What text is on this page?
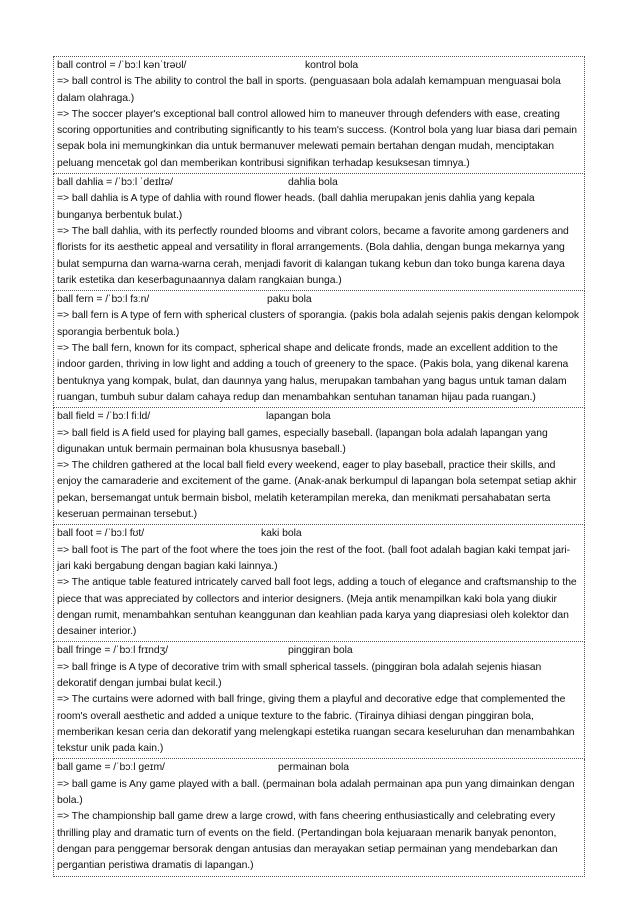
ball control = /ˈbɔːl kənˈtrəʊl/	kontrol bola
=> ball control is The ability to control the ball in sports. (penguasaan bola adalah kemampuan menguasai bola dalam olahraga.)
=> The soccer player's exceptional ball control allowed him to maneuver through defenders with ease, creating scoring opportunities and contributing significantly to his team's success. (Kontrol bola yang luar biasa dari pemain sepak bola ini memungkinkan dia untuk bermanuver melewati pemain bertahan dengan mudah, menciptakan peluang mencetak gol dan memberikan kontribusi signifikan terhadap kesuksesan timnya.)
ball dahlia = /ˈbɔːl ˈdeɪlɪə/	dahlia bola
=> ball dahlia is A type of dahlia with round flower heads. (ball dahlia merupakan jenis dahlia yang kepala bunganya berbentuk bulat.)
=> The ball dahlia, with its perfectly rounded blooms and vibrant colors, became a favorite among gardeners and florists for its aesthetic appeal and versatility in floral arrangements. (Bola dahlia, dengan bunga mekarnya yang bulat sempurna dan warna-warna cerah, menjadi favorit di kalangan tukang kebun dan toko bunga karena daya tarik estetika dan keserbagunaannya dalam rangkaian bunga.)
ball fern = /ˈbɔːl fɜːn/	paku bola
=> ball fern is A type of fern with spherical clusters of sporangia. (pakis bola adalah sejenis pakis dengan kelompok sporangia berbentuk bola.)
=> The ball fern, known for its compact, spherical shape and delicate fronds, made an excellent addition to the indoor garden, thriving in low light and adding a touch of greenery to the space. (Pakis bola, yang dikenal karena bentuknya yang kompak, bulat, dan daunnya yang halus, merupakan tambahan yang bagus untuk taman dalam ruangan, tumbuh subur dalam cahaya redup dan menambahkan sentuhan tanaman hijau pada ruangan.)
ball field = /ˈbɔːl fiːld/	lapangan bola
=> ball field is A field used for playing ball games, especially baseball. (lapangan bola adalah lapangan yang digunakan untuk bermain permainan bola khususnya baseball.)
=> The children gathered at the local ball field every weekend, eager to play baseball, practice their skills, and enjoy the camaraderie and excitement of the game. (Anak-anak berkumpul di lapangan bola setempat setiap akhir pekan, bersemangat untuk bermain bisbol, melatih keterampilan mereka, dan menikmati persahabatan serta keseruan permainan tersebut.)
ball foot = /ˈbɔːl fʊt/	kaki bola
=> ball foot is The part of the foot where the toes join the rest of the foot. (ball foot adalah bagian kaki tempat jari-jari kaki bergabung dengan bagian kaki lainnya.)
=> The antique table featured intricately carved ball foot legs, adding a touch of elegance and craftsmanship to the piece that was appreciated by collectors and interior designers. (Meja antik menampilkan kaki bola yang diukir dengan rumit, menambahkan sentuhan keanggunan dan keahlian pada karya yang diapresiasi oleh kolektor dan desainer interior.)
ball fringe = /ˈbɔːl frɪndʒ/	pinggiran bola
=> ball fringe is A type of decorative trim with small spherical tassels. (pinggiran bola adalah sejenis hiasan dekoratif dengan jumbai bulat kecil.)
=> The curtains were adorned with ball fringe, giving them a playful and decorative edge that complemented the room's overall aesthetic and added a unique texture to the fabric. (Tirainya dihiasi dengan pinggiran bola, memberikan kesan ceria dan dekoratif yang melengkapi estetika ruangan secara keseluruhan dan menambahkan tekstur unik pada kain.)
ball game = /ˈbɔːl ɡeɪm/	permainan bola
=> ball game is Any game played with a ball. (permainan bola adalah permainan apa pun yang dimainkan dengan bola.)
=> The championship ball game drew a large crowd, with fans cheering enthusiastically and celebrating every thrilling play and dramatic turn of events on the field. (Pertandingan bola kejuaraan menarik banyak penonton, dengan para penggemar bersorak dengan antusias dan merayakan setiap permainan yang mendebarkan dan pergantian peristiwa dramatis di lapangan.)
